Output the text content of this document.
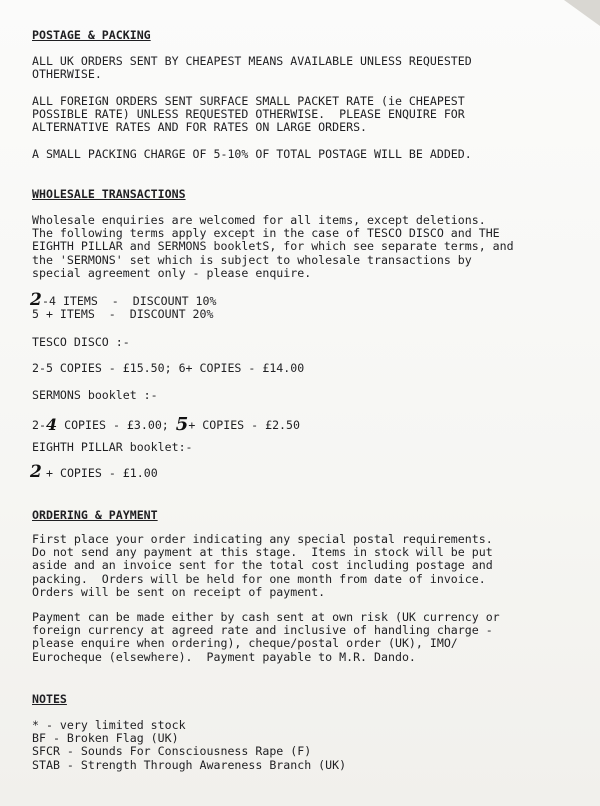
POSTAGE & PACKING
ALL UK ORDERS SENT BY CHEAPEST MEANS AVAILABLE UNLESS REQUESTED
OTHERWISE.
ALL FOREIGN ORDERS SENT SURFACE SMALL PACKET RATE (ie CHEAPEST
POSSIBLE RATE) UNLESS REQUESTED OTHERWISE.  PLEASE ENQUIRE FOR
ALTERNATIVE RATES AND FOR RATES ON LARGE ORDERS.
A SMALL PACKING CHARGE OF 5-10% OF TOTAL POSTAGE WILL BE ADDED.
WHOLESALE TRANSACTIONS
Wholesale enquiries are welcomed for all items, except deletions.
The following terms apply except in the case of TESCO DISCO and THE
EIGHTH PILLAR and SERMONS bookletS, for which see separate terms, and
the 'SERMONS' set which is subject to wholesale transactions by
special agreement only - please enquire.
2 -4 ITEMS  -  DISCOUNT 10%
5 + ITEMS  -  DISCOUNT 20%
TESCO DISCO :-
2-5 COPIES - £15.50; 6+ COPIES - £14.00
SERMONS booklet :-
2-4 COPIES - £3.00; 5+ COPIES - £2.50
EIGHTH PILLAR booklet:-
2 + COPIES - £1.00
ORDERING & PAYMENT
First place your order indicating any special postal requirements.
Do not send any payment at this stage.  Items in stock will be put
aside and an invoice sent for the total cost including postage and
packing.  Orders will be held for one month from date of invoice.
Orders will be sent on receipt of payment.
Payment can be made either by cash sent at own risk (UK currency or
foreign currency at agreed rate and inclusive of handling charge -
please enquire when ordering), cheque/postal order (UK), IMO/
Eurocheque (elsewhere).  Payment payable to M.R. Dando.
NOTES
* - very limited stock
BF - Broken Flag (UK)
SFCR - Sounds For Consciousness Rape (F)
STAB - Strength Through Awareness Branch (UK)
